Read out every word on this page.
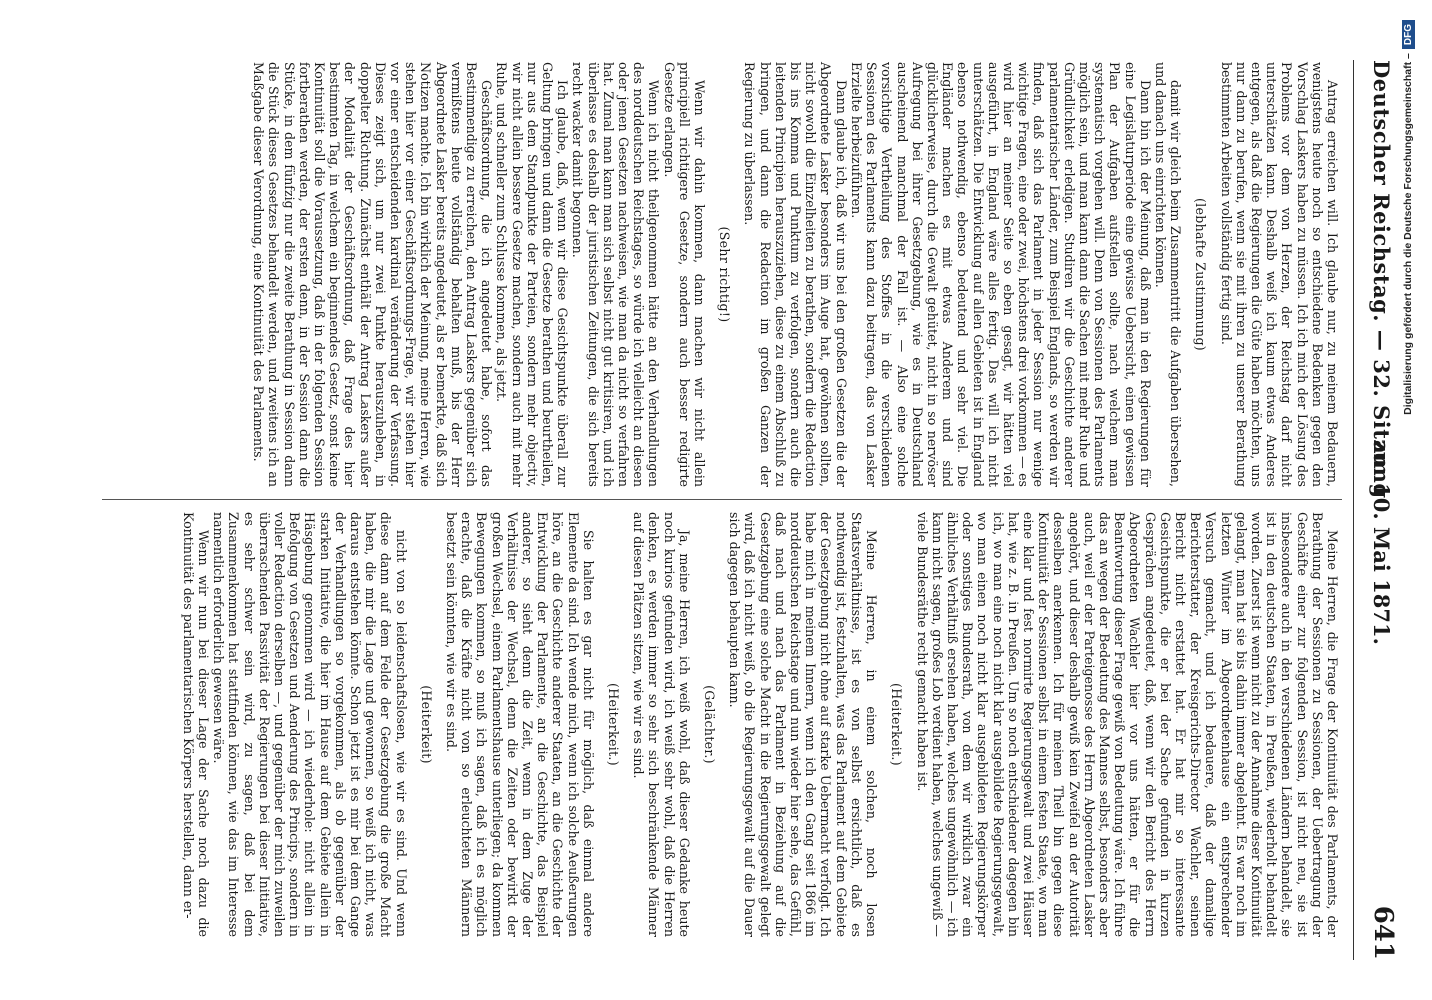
Deutscher Reichstag. — 32. Sitzung
am 10. Mai 1871.
641

Antrag erreichen will. Ich glaube nur, zu meinem Bedauern, wenigstens heute noch so entschiedene Bedenken gegen den Vorschlag Laskers haben zu müssen. Ich ich mich der Lösung des Problems vor dem von Herzen, der Reichstag darf nicht unterschätzen kann. Deshalb weiß ich kaum etwas Anderes entgegen, als daß die Regierungen die Güte haben möchten, uns nur dann zu berufen, wenn sie mit ihren zu unserer Berathung bestimmten Arbeiten vollständig fertig sind.

(lebhafte Zustimmung)

damit wir gleich beim Zusammentritt die Aufgaben übersehen, und danach uns einrichten können.

Dann bin ich der Meinung, daß man in den Regierungen für eine Legislaturperiode eine gewisse Uebersicht, einen gewissen Plan der Aufgaben aufstellen sollte, nach welchem man systematisch vorgehen will. Denn von Sessionen des Parlaments möglich sein, und man kann dann die Sachen mit mehr Ruhe und Gründlichkeit erledigen. Studiren wir die Geschichte anderer parlamentarischer Länder, zum Beispiel Englands, so werden wir finden, daß sich das Parlament in jeder Session nur wenige wichtige Fragen, eine oder zwei, höchstens drei vorkommen — es wird hier an meiner Seite so eben gesagt, wir hätten viel ausgeführt, in England wäre alles fertig. Das will ich nicht unterschätzen. Die Entwicklung auf allen Gebieten ist in England ebenso nothwendig, ebenso bedeutend und sehr viel. Die Engländer machen es mit etwas Anderem und sind glücklicherweise, durch die Gewalt gehütet, nicht in so nervöser Aufregung bei ihrer Gesetzgebung, wie es in Deutschland auscheinend manchmal der Fall ist. — Also eine solche vorsichtige Vertheilung des Stoffes in die verschiedenen Sessionen des Parlaments kann dazu beitragen, das von Lasker Erzielte herbeizuführen.

Dann glaube ich, daß wir uns bei den großen Gesetzen die der Abgeordnete Lasker besonders im Auge hat, gewöhnen sollten, nicht sowohl die Einzelheiten zu berathen, sondern die Redaction bis ins Komma und Punktum zu verfolgen, sondern auch die leitenden Principien herauszuziehen, diese zu einem Abschluß zu bringen, und dann die Redaction im großen Ganzen der Regierung zu überlassen.

(Sehr richtig!)

Wenn wir dahin kommen, dann machen wir nicht allein principiell richtigere Gesetze, sondern auch besser redigirte Gesetze erlangen.

Wenn ich nicht theilgenommen hätte an den Verhandlungen des norddeutschen Reichstages, so würde ich vielleicht an diesen oder jenen Gesetzen nachweisen, wie man da nicht so verfahren hat. Zumal man kann man sich selbst nicht gut kritisiren, und ich überlasse es deshalb der juristischen Zeitungen, die sich bereits recht wacker damit begonnen.

Ich glaube, daß, wenn wir diese Gesichtspunkte überall zur Geltung bringen und dann die Gesetze berathen und beurtheilen, nur aus dem Standpunkte der Parteien, sondern mehr objectiv, wir nicht allein bessere Gesetze machen, sondern auch mit mehr Ruhe, und schneller zum Schlusse kommen, als jetzt.

Geschäftsordnung, die ich angedeutet habe, sofort das Bestimmendige zu erreichen, den Antrag Laskers gegenüber sich vermißtens heute vollständig behalten muß, bis der Herr Abgeordnete Lasker bereits angedeutet, als er bemerkte, daß sich Notizen machte. Ich bin wirklich der Meinung, meine Herren, wie stehen hier vor einer Geschäftsordnungs-Frage, wir stehen hier vor einer entscheidenden kardinal veränderung der Verfassung. Dieses zeigt sich, um nur zwei Punkte herauszuheben, in doppelter Richtung. Zunächst enthält der Antrag Laskers außer der Modalität der Geschäftsordnung, daß Frage des hier bestimmten Tag, in welchem ein beginnendes Gesetz, sonst keine Kontinuität soll die Voraussetzung, daß in der folgenden Session fortberathen werden, der ersten denn, in der Session dann die Stücke, in dem fünfzig nur die zweite Berathung in Session dann die Stück dieses Gesetzes behandelt werden, und zweitens ich an Maßgabe dieser Verordnung, eine Kontinuität des Parlaments.

Meine Herren, die Frage der Kontinuität des Parlaments, der Berathung der Sessionen zu Sessionen, der Uebertragung der Geschäfte einer zur folgenden Session, ist nicht neu, sie ist insbesondere auch in den verschiedenen Ländern behandelt, sie ist in den deutschen Staaten, in Preußen, wiederholt behandelt worden. Zuerst ist wenn nicht zu der Annahme dieser Kontinuität gelangt, man hat sie bis dahin immer abgelehnt. Es war noch im letzten Winter im Abgeordnetenhause ein entsprechender Versuch gemacht, und ich bedauere, daß der damalige Berichterstatter, der Kreisgerichts-Director Wachler, seinen Bericht nicht erstattet hat. Er hat mir so interessante Gesichtspunkte, die er bei der Sache gefunden in kurzen Gesprächen angedeutet, daß, wenn wir den Bericht des Herrn Abgeordneten Wachler hier vor uns hätten, er für die Beantwortung dieser Frage gewiß von Bedeutung wäre. Ich führe das an wegen der Bedeutung des Mannes selbst, besonders aber auch, weil er der Parteigenosse des Herrn Abgeordneten Lasker angehört, und dieser deshalb gewiß kein Zweifel an der Autorität desselben anerkennen. Ich für meinen Theil bin gegen diese Kontinuität der Sessionen selbst in einem festen Staate, wo man eine klar und fest normirte Regierungsgewalt und zwei Häuser hat, wie z. B. in Preußen. Um so noch entschiedener dagegen bin ich, wo man eine noch nicht klar ausgebildete Regierungsgewalt, wo man einen noch nicht klar ausgebildeten Regierungskörper oder sonstiges Bundesrath, von dem wir wirklich zwar ein ähnliches Verhältniß ersehen haben, welches ungewöhnlich — ich kann nicht sagen, großes Lob verdient haben, welches ungewiß — viele Bundesräthe recht gemacht haben ist.

(Heiterkeit.)

Meine Herren, in einem solchen, noch losen Staatsverhältnisse, ist es von selbst ersichtlich, daß es nothwendig ist, festzuhalten, was das Parlament auf dem Gebiete der Gesetzgebung nicht ohne auf starke Uebermacht verfolgt. Ich habe mich in meinem Innern, wenn ich den Gang seit 1866 im norddeutschen Reichstage und nun wieder hier sehe, das Gefühl, daß nach und nach das Parlament in Beziehung auf die Gesetzgebung eine solche Macht in die Regierungsgewalt gelegt wird, daß ich nicht weiß, ob die Regierungsgewalt auf die Dauer sich dagegen behaupten kann.

(Gelächter.)

Ja, meine Herren, ich weiß wohl, daß dieser Gedanke heute noch kurios gefunden wird, ich weiß sehr wohl, daß die Herren denken, es werden immer so sehr sich beschränkende Männer auf diesen Plätzen sitzen, wie wir es sind.

(Heiterkeit.)

Sie halten es gar nicht für möglich, daß einmal andere Elemente da sind. Ich wende mich, wenn ich solche Aeußerungen höre, an die Geschichte anderer Staaten, an die Geschichte der Entwicklung der Parlamente, an die Geschichte, das Beispiel anderer, so sieht denn die Zeit, wenn in dem Zuge der Verhältnisse der Wechsel, denn die Zeiten oder bewirkt der großen Wechsel, einem Parlamentshause unterliegen; da kommen Bewegungen kommen, so muß ich sagen, daß ich es möglich erachte, daß die Kräfte nicht von so erleuchteten Männern besetzt sein könnten, wie wir es sind.

(Heiterkeit)

nicht von so leidenschaftslosen, wie wir es sind. Und wenn diese dann auf dem Felde der Gesetzgebung die große Macht haben, die mir die Lage und gewonnen, so weiß ich nicht, was daraus entstehen könnte. Schon jetzt ist es mir bei dem Gange der Verhandlungen so vorgekommen, als ob gegenüber der starken Initiative, die hier im Hause auf dem Gebiete allein in Häsgebung genommen wird — ich wiederhole: nicht allein in Befolgung von Gesetzen und Aenderung des Princips, sondern in voller Redaction derselben —, und gegenüber der mich zuweilen überraschenden Passivität der Regierungen bei dieser Initiative, es sehr schwer sein wird, zu sagen, daß bei dem Zusammenkommen hat stattfinden können, wie das im Interesse namentlich erforderlich gewesen wäre.

Wenn wir nun bei dieser Lage der Sache noch dazu die Kontinuität des parlamentarischen Körpers herstellen, dann er-

Digitalisierung gefördert durch die Deutsche Forschungsgemeinschaft –DFG
